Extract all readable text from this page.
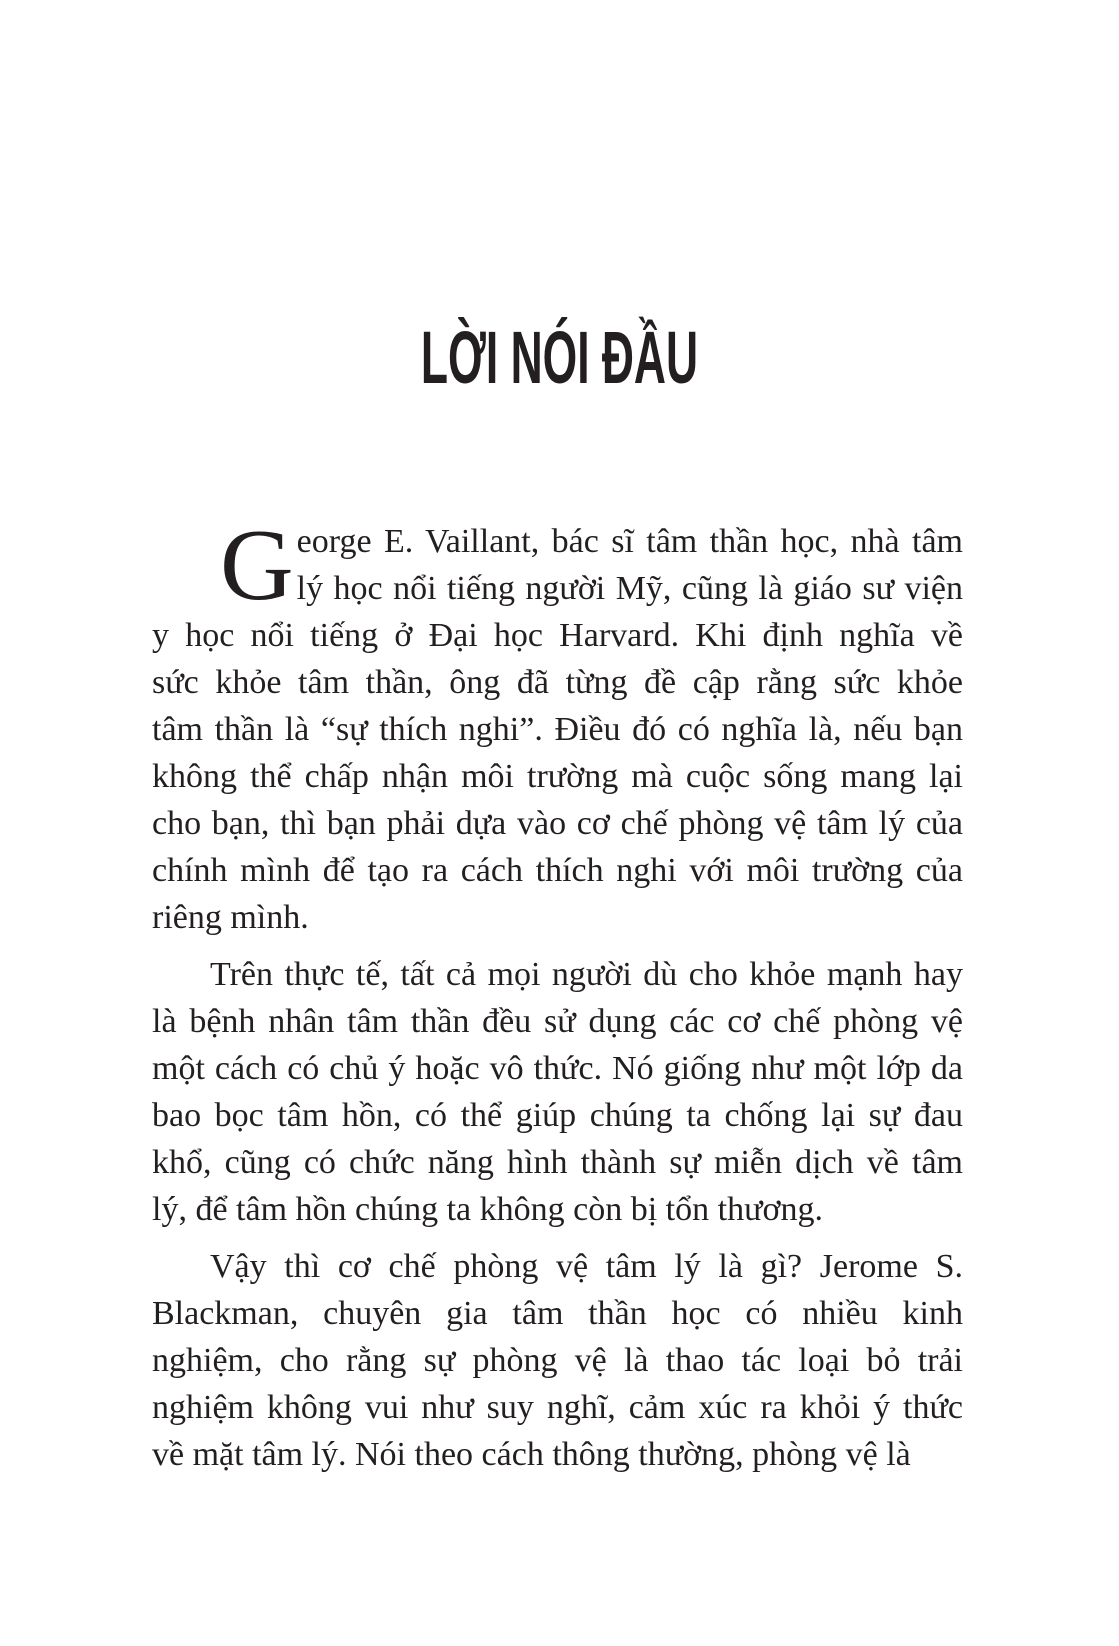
LỜI NÓI ĐẦU
George E. Vaillant, bác sĩ tâm thần học, nhà tâm
lý học nổi tiếng người Mỹ, cũng là giáo sư viện
y học nổi tiếng ở Đại học Harvard. Khi định nghĩa về
sức khỏe tâm thần, ông đã từng đề cập rằng sức khỏe
tâm thần là “sự thích nghi”. Điều đó có nghĩa là, nếu bạn
không thể chấp nhận môi trường mà cuộc sống mang lại
cho bạn, thì bạn phải dựa vào cơ chế phòng vệ tâm lý của
chính mình để tạo ra cách thích nghi với môi trường của
riêng mình.
Trên thực tế, tất cả mọi người dù cho khỏe mạnh hay
là bệnh nhân tâm thần đều sử dụng các cơ chế phòng vệ
một cách có chủ ý hoặc vô thức. Nó giống như một lớp da
bao bọc tâm hồn, có thể giúp chúng ta chống lại sự đau
khổ, cũng có chức năng hình thành sự miễn dịch về tâm
lý, để tâm hồn chúng ta không còn bị tổn thương.
Vậy thì cơ chế phòng vệ tâm lý là gì? Jerome S.
Blackman, chuyên gia tâm thần học có nhiều kinh
nghiệm, cho rằng sự phòng vệ là thao tác loại bỏ trải
nghiệm không vui như suy nghĩ, cảm xúc ra khỏi ý thức
về mặt tâm lý. Nói theo cách thông thường, phòng vệ là
